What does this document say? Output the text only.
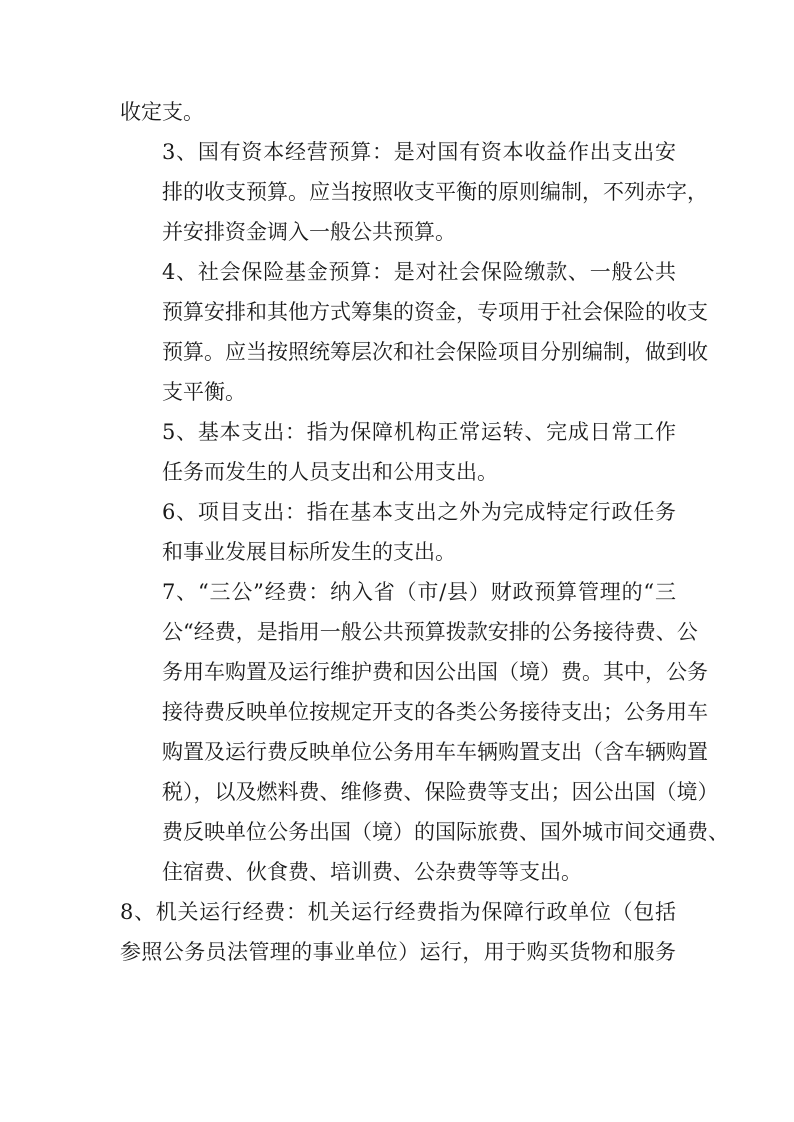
收定支。

3、国有资本经营预算：是对国有资本收益作出支出安
排的收支预算。应当按照收支平衡的原则编制，不列赤字，
并安排资金调入一般公共预算。

4、社会保险基金预算：是对社会保险缴款、一般公共
预算安排和其他方式筹集的资金，专项用于社会保险的收支
预算。应当按照统筹层次和社会保险项目分别编制，做到收
支平衡。

5、基本支出：指为保障机构正常运转、完成日常工作
任务而发生的人员支出和公用支出。

6、项目支出：指在基本支出之外为完成特定行政任务
和事业发展目标所发生的支出。

7、“三公”经费：纳入省（市/县）财政预算管理的“三
公“经费，是指用一般公共预算拨款安排的公务接待费、公
务用车购置及运行维护费和因公出国（境）费。其中，公务
接待费反映单位按规定开支的各类公务接待支出；公务用车
购置及运行费反映单位公务用车车辆购置支出（含车辆购置
税），以及燃料费、维修费、保险费等支出；因公出国（境）
费反映单位公务出国（境）的国际旅费、国外城市间交通费、
住宿费、伙食费、培训费、公杂费等等支出。

8、机关运行经费：机关运行经费指为保障行政单位（包括
参照公务员法管理的事业单位）运行，用于购买货物和服务
